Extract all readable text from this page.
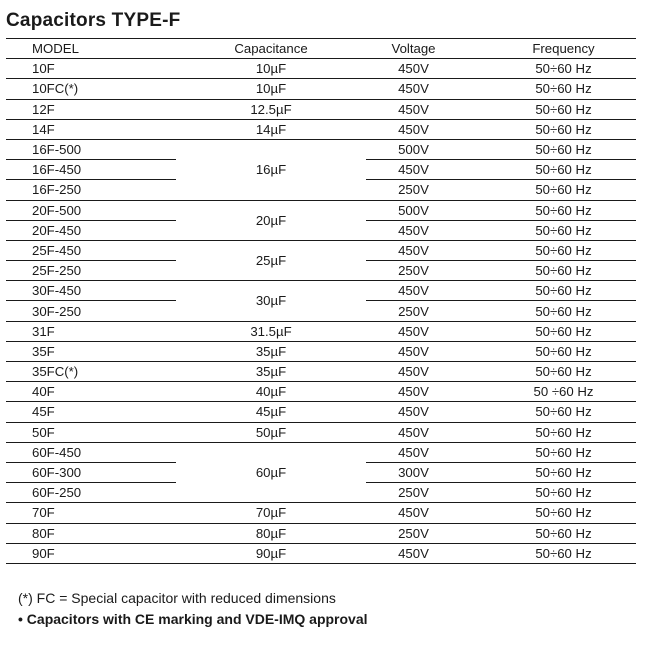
Capacitors TYPE-F
MODEL	Capacitance	Voltage	Frequency
10F	10µF	450V	50÷60 Hz
10FC(*)	10µF	450V	50÷60 Hz
12F	12.5µF	450V	50÷60 Hz
14F	14µF	450V	50÷60 Hz
16F-500	16µF	500V	50÷60 Hz
16F-450		450V	50÷60 Hz
16F-250		250V	50÷60 Hz
20F-500	20µF	500V	50÷60 Hz
20F-450		450V	50÷60 Hz
25F-450	25µF	450V	50÷60 Hz
25F-250		250V	50÷60 Hz
30F-450	30µF	450V	50÷60 Hz
30F-250		250V	50÷60 Hz
31F	31.5µF	450V	50÷60 Hz
35F	35µF	450V	50÷60 Hz
35FC(*)	35µF	450V	50÷60 Hz
40F	40µF	450V	50 ÷60 Hz
45F	45µF	450V	50÷60 Hz
50F	50µF	450V	50÷60 Hz
60F-450	60µF	450V	50÷60 Hz
60F-300		300V	50÷60 Hz
60F-250		250V	50÷60 Hz
70F	70µF	450V	50÷60 Hz
80F	80µF	250V	50÷60 Hz
90F	90µF	450V	50÷60 Hz
(*) FC = Special capacitor with reduced dimensions
• Capacitors with CE marking and VDE-IMQ approval
